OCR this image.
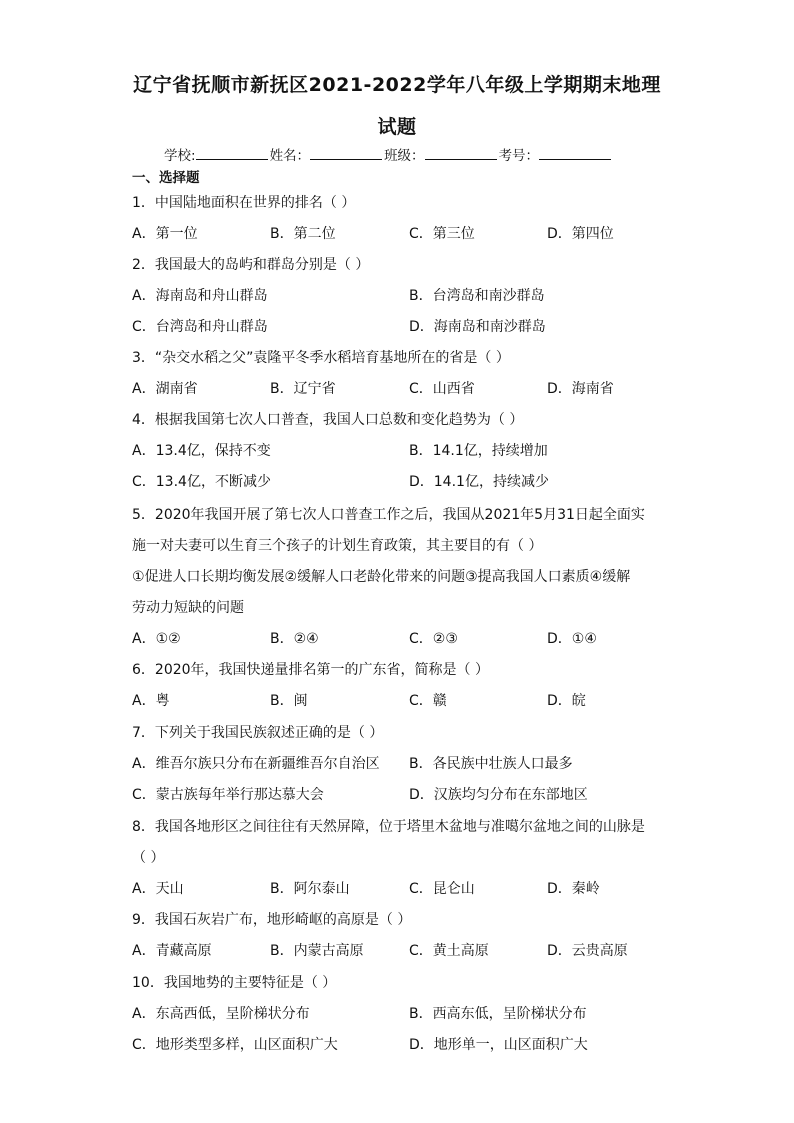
辽宁省抚顺市新抚区2021-2022学年八年级上学期期末地理
试题
学校:	姓名：	班级：	考号：
一、选择题
1．中国陆地面积在世界的排名（ ）
A．第一位	B．第二位	C．第三位	D．第四位
2．我国最大的岛屿和群岛分别是（ ）
A．海南岛和舟山群岛	B．台湾岛和南沙群岛
C．台湾岛和舟山群岛	D．海南岛和南沙群岛
3．“杂交水稻之父”袁隆平冬季水稻培育基地所在的省是（ ）
A．湖南省	B．辽宁省	C．山西省	D．海南省
4．根据我国第七次人口普查，我国人口总数和变化趋势为（ ）
A．13.4亿，保持不变	B．14.1亿，持续增加
C．13.4亿，不断减少	D．14.1亿，持续减少
5．2020年我国开展了第七次人口普查工作之后，我国从2021年5月31日起全面实
施一对夫妻可以生育三个孩子的计划生育政策，其主要目的有（ ）
①促进人口长期均衡发展②缓解人口老龄化带来的问题③提高我国人口素质④缓解
劳动力短缺的问题
A．①②	B．②④	C．②③	D．①④
6．2020年，我国快递量排名第一的广东省，简称是（ ）
A．粤	B．闽	C．赣	D．皖
7．下列关于我国民族叙述正确的是（ ）
A．维吾尔族只分布在新疆维吾尔自治区 B．各民族中壮族人口最多
C．蒙古族每年举行那达慕大会	D．汉族均匀分布在东部地区
8．我国各地形区之间往往有天然屏障，位于塔里木盆地与准噶尔盆地之间的山脉是
（ ）
A．天山	B．阿尔泰山	C．昆仑山	D．秦岭
9．我国石灰岩广布，地形崎岖的高原是（ ）
A．青藏高原	B．内蒙古高原	C．黄土高原	D．云贵高原
10．我国地势的主要特征是（ ）
A．东高西低，呈阶梯状分布	B．西高东低，呈阶梯状分布
C．地形类型多样，山区面积广大	D．地形单一，山区面积广大
